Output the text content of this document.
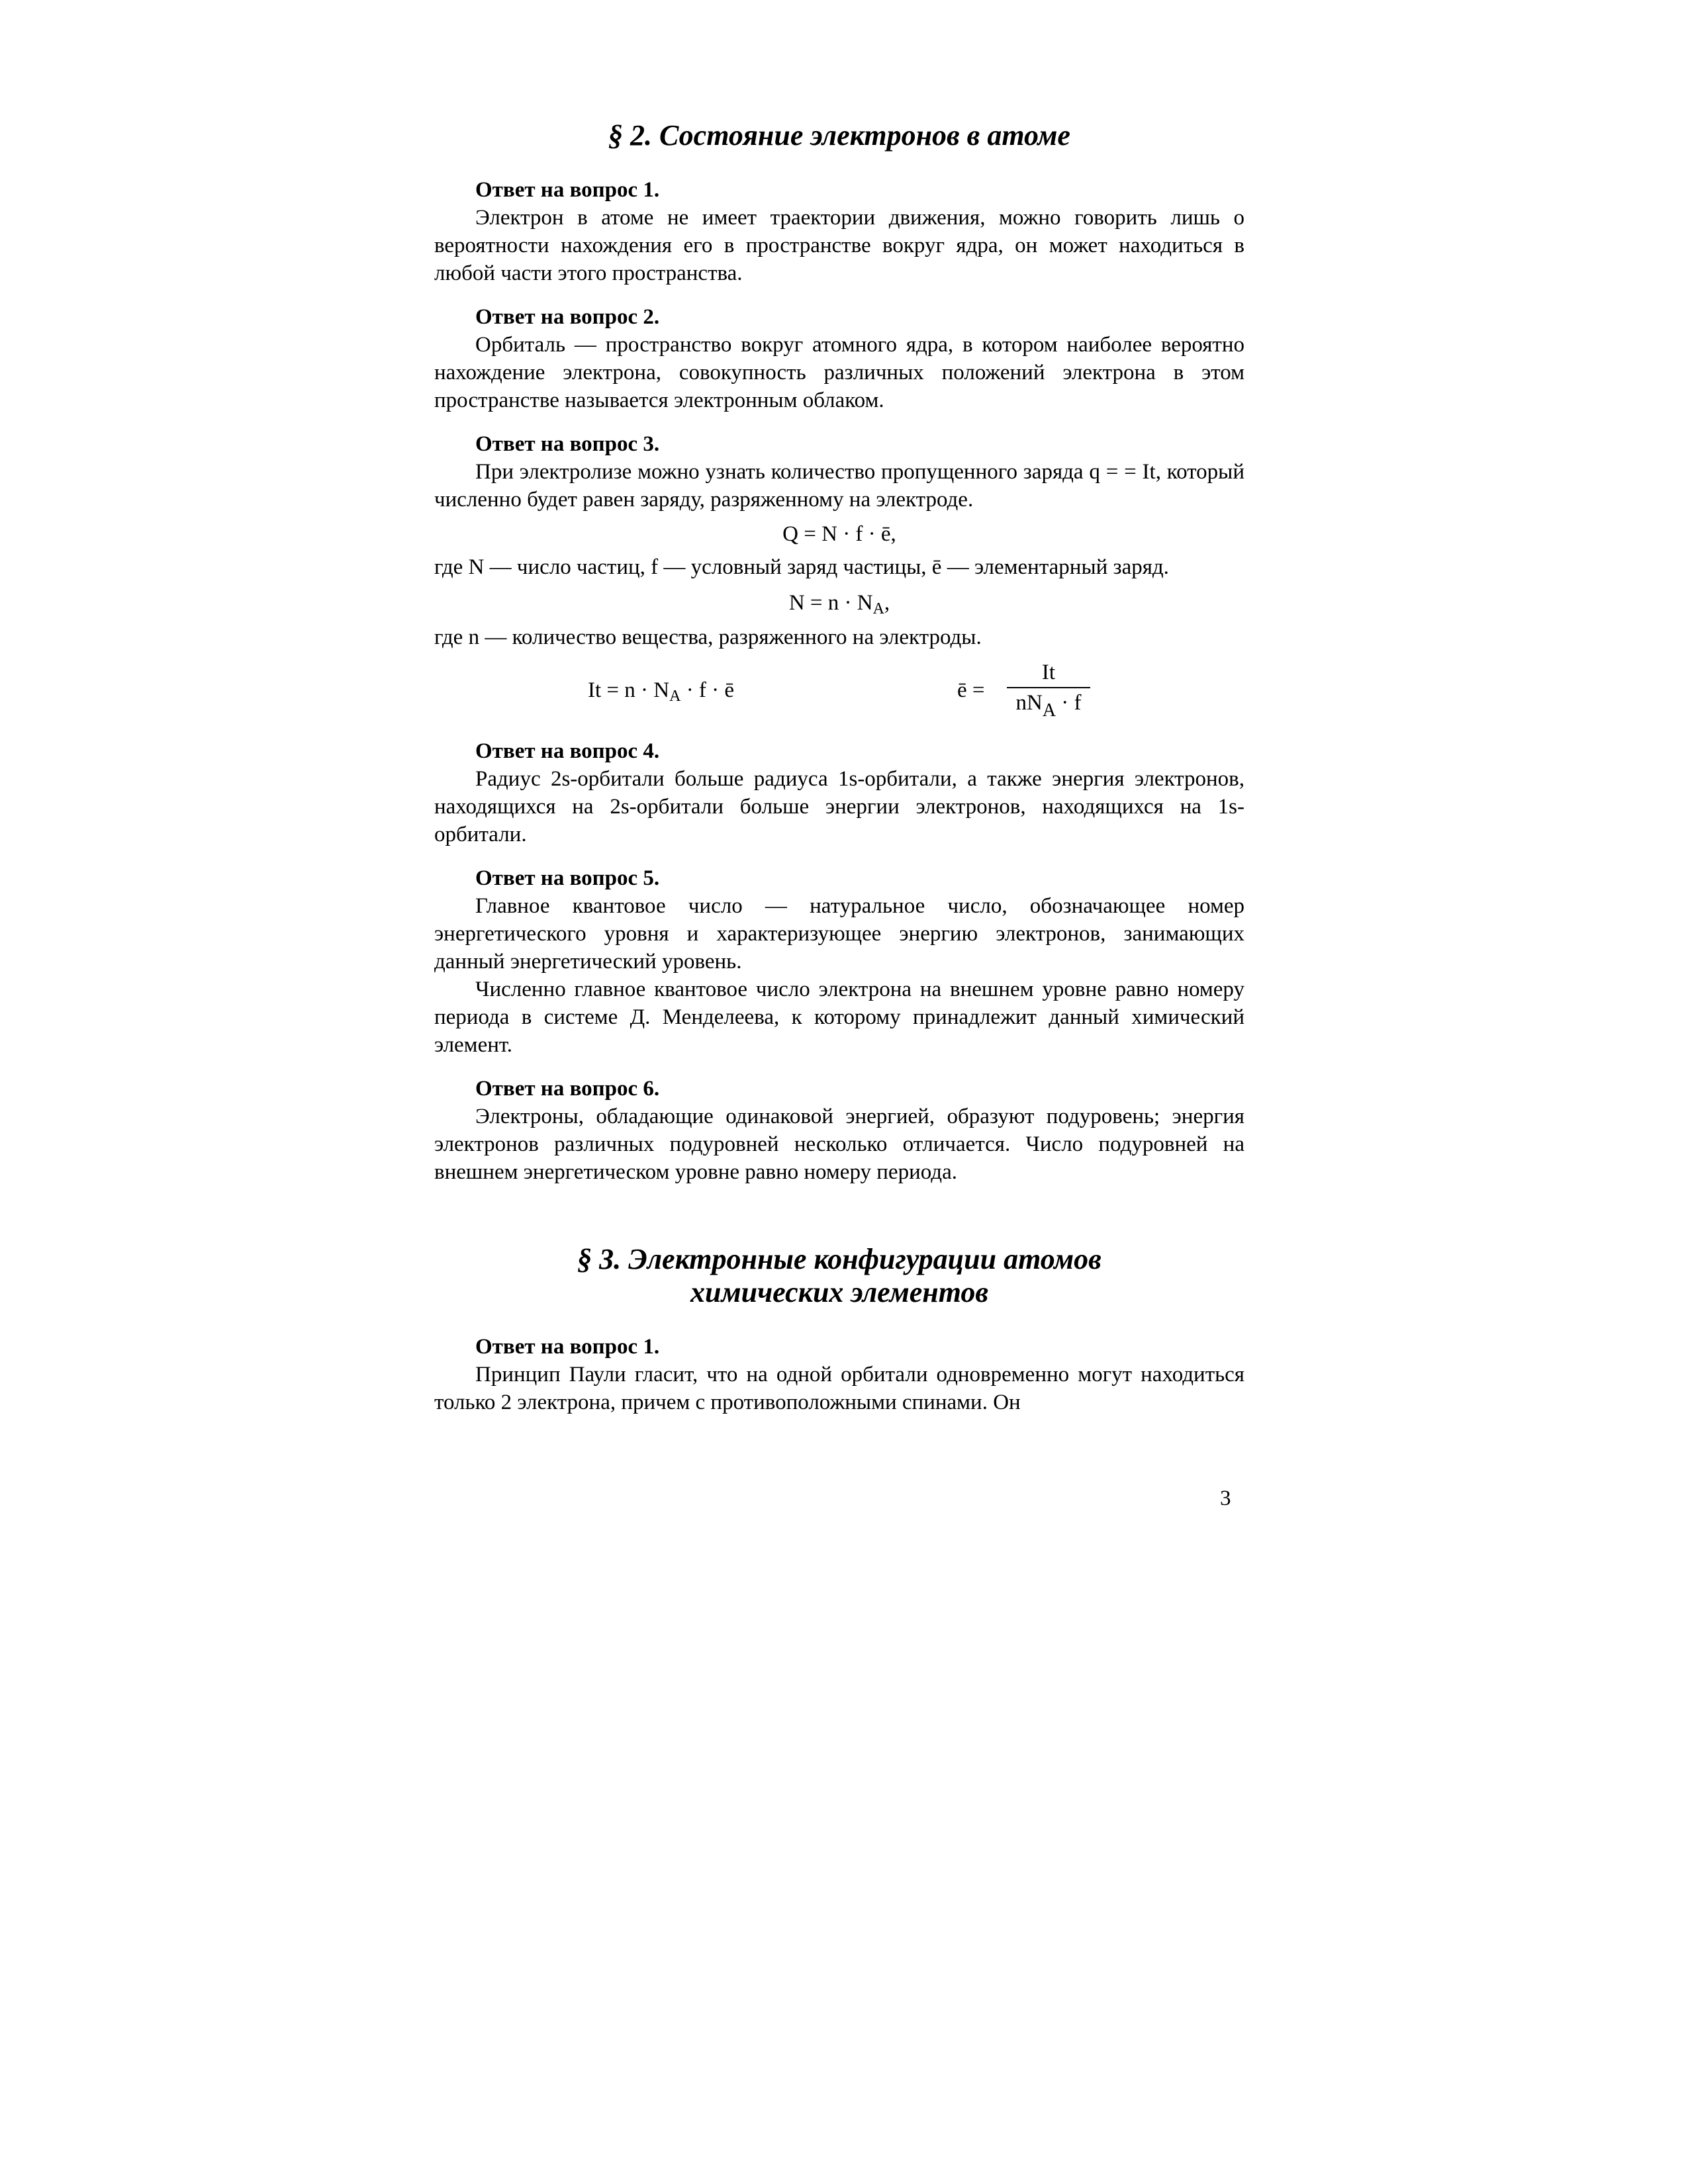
§ 2. Состояние электронов в атоме

Ответ на вопрос 1.

Электрон в атоме не имеет траектории движения, можно говорить лишь о вероятности нахождения его в пространстве вокруг ядра, он может находиться в любой части этого пространства.

Ответ на вопрос 2.

Орбиталь — пространство вокруг атомного ядра, в котором наиболее вероятно нахождение электрона, совокупность различных положений электрона в этом пространстве называется электронным облаком.

Ответ на вопрос 3.

При электролизе можно узнать количество пропущенного заряда q = = It, который численно будет равен заряду, разряженному на электроде.

Q = N · f · ē,

где N — число частиц, f — условный заряд частицы, ē — элементарный заряд.

$N = n \cdot N_A$,

где n — количество вещества, разряженного на электроды.

$It = n \cdot N_A \cdot f$ · ē	ē =
It
$nN_A \cdot f$

Ответ на вопрос 4.

Радиус 2s-орбитали больше радиуса 1s-орбитали, а также энергия электронов, находящихся на 2s-орбитали больше энергии электронов, находящихся на 1s-орбитали.

Ответ на вопрос 5.

Главное квантовое число — натуральное число, обозначающее номер энергетического уровня и характеризующее энергию электронов, занимающих данный энергетический уровень.

Численно главное квантовое число электрона на внешнем уровне равно номеру периода в системе Д. Менделеева, к которому принадлежит данный химический элемент.

Ответ на вопрос 6.

Электроны, обладающие одинаковой энергией, образуют подуровень; энергия электронов различных подуровней несколько отличается. Число подуровней на внешнем энергетическом уровне равно номеру периода.

§ 3. Электронные конфигурации атомов
химических элементов

Ответ на вопрос 1.

Принцип Паули гласит, что на одной орбитали одновременно могут находиться только 2 электрона, причем с противоположными спинами. Он

3
